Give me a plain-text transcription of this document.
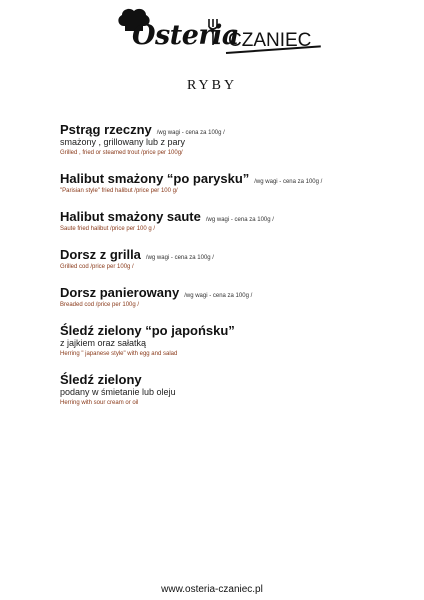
Osteria
CZANIEC
RYBY
Pstrąg rzeczny /wg wagi - cena za 100g /
smażony , grillowany lub z pary
Grilled , fried or steamed trout /price per 100g/
Halibut smażony “po parysku” /wg wagi - cena za 100g /
"Parisian style" fried halibut /price per 100 g/
Halibut smażony saute /wg wagi - cena za 100g /
Saute fried halibut /price per 100 g /
Dorsz z grilla /wg wagi - cena za 100g /
Grilled cod /price per 100g /
Dorsz panierowany /wg wagi - cena za 100g /
Breaded cod /price per 100g /
Śledź zielony “po japońsku”
z jajkiem oraz sałatką
Herring " japanese style" with egg and salad
Śledź zielony
podany w śmietanie lub oleju
Herring with sour cream or oil
www.osteria-czaniec.pl
